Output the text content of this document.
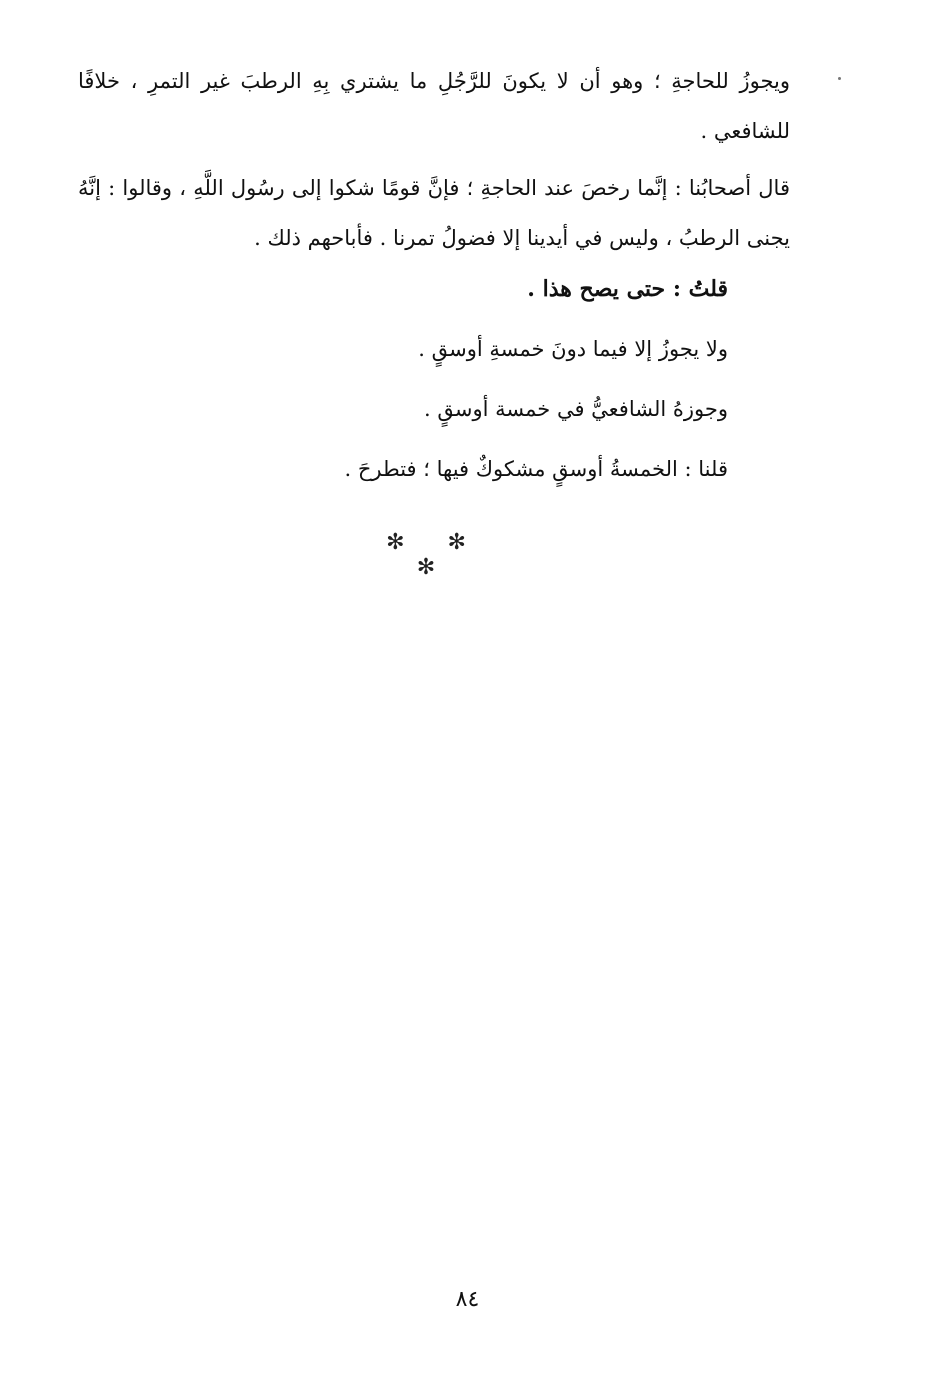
ويجوزُ للحاجةِ ؛ وهو أن لا يكونَ للرَّجُلِ ما يشتري بِهِ الرطبَ غير التمرِ ، خلافًا للشافعي .

قال أصحابُنا : إنَّما رخصَ عند الحاجةِ ؛ فإنَّ قومًا شكوا إلى رسُول اللَّهِ ، وقالوا : إنَّهُ يجنى الرطبُ ، وليس في أيدينا إلا فضولُ تمرنا . فأباحهم ذلك .

قلتُ : حتى يصح هذا .
ولا يجوزُ إلا فيما دونَ خمسةِ أوسقٍ .
وجوزهُ الشافعيُّ في خمسة أوسقٍ .
قلنا : الخمسةُ أوسقٍ مشكوكٌ فيها ؛ فتطرحَ .
✻ ✻ ✻
٨٤
